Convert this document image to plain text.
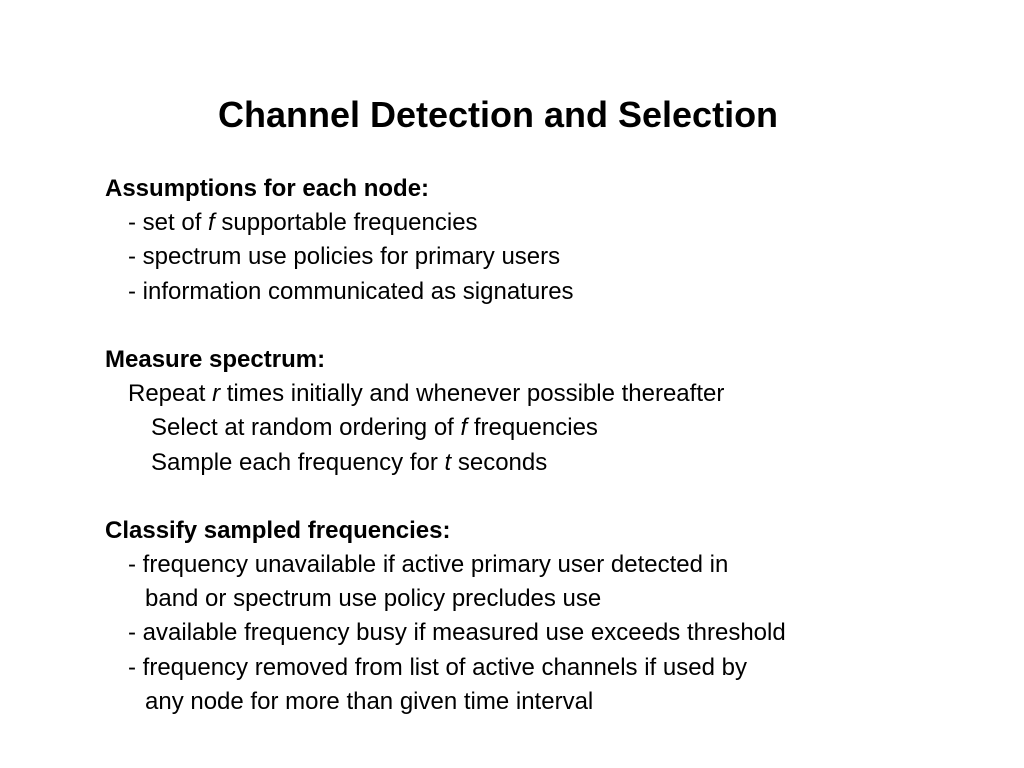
Channel Detection and Selection
Assumptions for each node:
- set of f supportable frequencies
- spectrum use policies for primary users
- information communicated as signatures
Measure spectrum:
Repeat r times initially and whenever possible thereafter
Select at random ordering of f frequencies
Sample each frequency for t seconds
Classify sampled frequencies:
- frequency unavailable if active primary user detected in
band or spectrum use policy precludes use
- available frequency busy if measured use exceeds threshold
- frequency removed from list of active channels if used by
any node for more than given time interval
